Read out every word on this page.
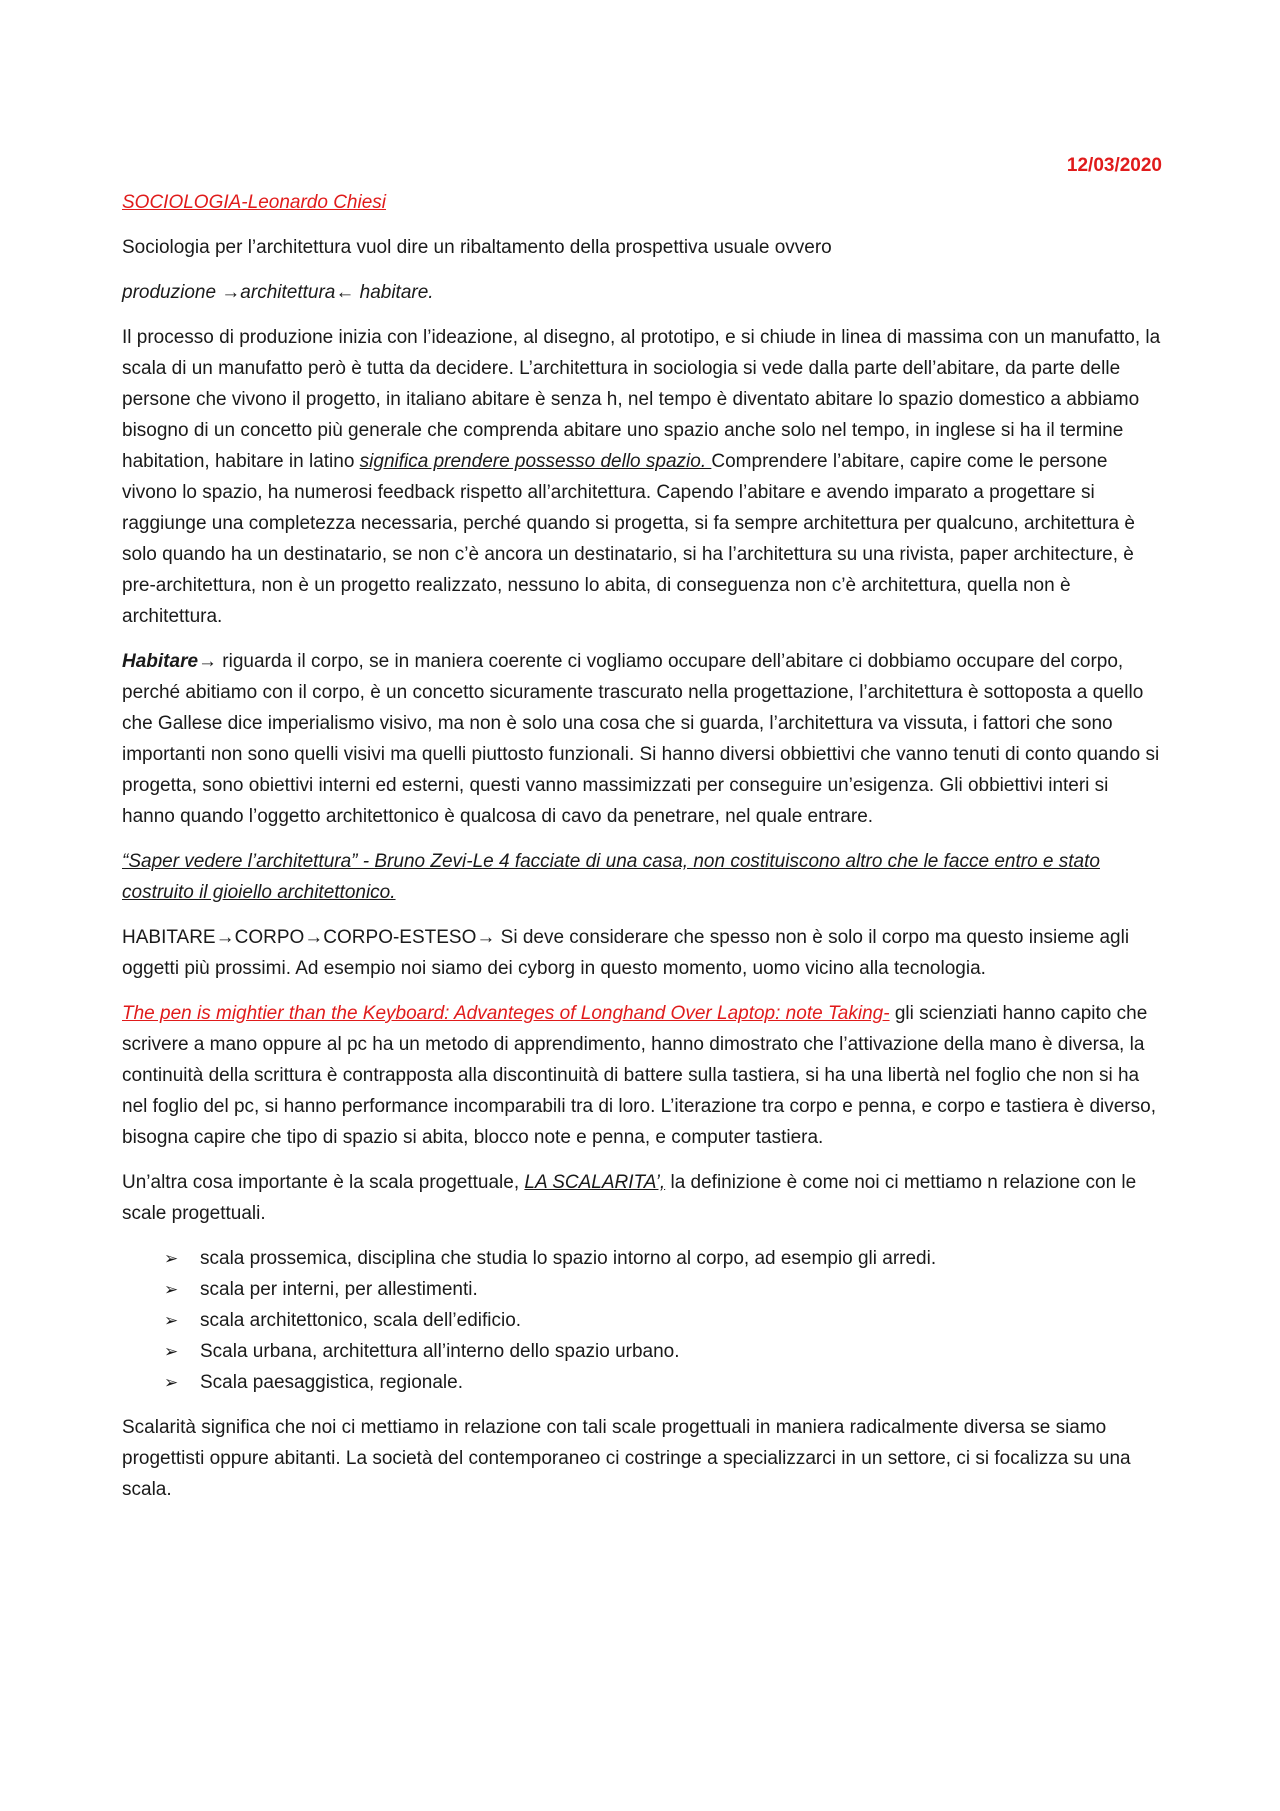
12/03/2020

SOCIOLOGIA-Leonardo Chiesi

Sociologia per l’architettura vuol dire un ribaltamento della prospettiva usuale ovvero

produzione →architettura← habitare.

Il processo di produzione inizia con l’ideazione, al disegno, al prototipo, e si chiude in linea di massima con un manufatto, la scala di un manufatto però è tutta da decidere. L’architettura in sociologia si vede dalla parte dell’abitare, da parte delle persone che vivono il progetto, in italiano abitare è senza h, nel tempo è diventato abitare lo spazio domestico a abbiamo bisogno di un concetto più generale che comprenda abitare uno spazio anche solo nel tempo, in inglese si ha il termine habitation, habitare in latino significa prendere possesso dello spazio. Comprendere l’abitare, capire come le persone vivono lo spazio, ha numerosi feedback rispetto all’architettura. Capendo l’abitare e avendo imparato a progettare si raggiunge una completezza necessaria, perché quando si progetta, si fa sempre architettura per qualcuno, architettura è solo quando ha un destinatario, se non c’è ancora un destinatario, si ha l’architettura su una rivista, paper architecture, è pre-architettura, non è un progetto realizzato, nessuno lo abita, di conseguenza non c’è architettura, quella non è architettura.

Habitare→ riguarda il corpo, se in maniera coerente ci vogliamo occupare dell’abitare ci dobbiamo occupare del corpo, perché abitiamo con il corpo, è un concetto sicuramente trascurato nella progettazione, l’architettura è sottoposta a quello che Gallese dice imperialismo visivo, ma non è solo una cosa che si guarda, l’architettura va vissuta, i fattori che sono importanti non sono quelli visivi ma quelli piuttosto funzionali. Si hanno diversi obbiettivi che vanno tenuti di conto quando si progetta, sono obiettivi interni ed esterni, questi vanno massimizzati per conseguire un’esigenza. Gli obbiettivi interi si hanno quando l’oggetto architettonico è qualcosa di cavo da penetrare, nel quale entrare.

“Saper vedere l’architettura” - Bruno Zevi-Le 4 facciate di una casa, non costituiscono altro che le facce entro e stato costruito il gioiello architettonico.

HABITARE→CORPO→CORPO-ESTESO→ Si deve considerare che spesso non è solo il corpo ma questo insieme agli oggetti più prossimi. Ad esempio noi siamo dei cyborg in questo momento, uomo vicino alla tecnologia.

The pen is mightier than the Keyboard: Advanteges of Longhand Over Laptop: note Taking- gli scienziati hanno capito che scrivere a mano oppure al pc ha un metodo di apprendimento, hanno dimostrato che l’attivazione della mano è diversa, la continuità della scrittura è contrapposta alla discontinuità di battere sulla tastiera, si ha una libertà nel foglio che non si ha nel foglio del pc, si hanno performance incomparabili tra di loro. L’iterazione tra corpo e penna, e corpo e tastiera è diverso, bisogna capire che tipo di spazio si abita, blocco note e penna, e computer tastiera.

Un’altra cosa importante è la scala progettuale, LA SCALARITA’, la definizione è come noi ci mettiamo n relazione con le scale progettuali.

➢ scala prossemica, disciplina che studia lo spazio intorno al corpo, ad esempio gli arredi.
➢ scala per interni, per allestimenti.
➢ scala architettonico, scala dell’edificio.
➢ Scala urbana, architettura all’interno dello spazio urbano.
➢ Scala paesaggistica, regionale.

Scalarità significa che noi ci mettiamo in relazione con tali scale progettuali in maniera radicalmente diversa se siamo progettisti oppure abitanti. La società del contemporaneo ci costringe a specializzarci in un settore, ci si focalizza su una scala.
